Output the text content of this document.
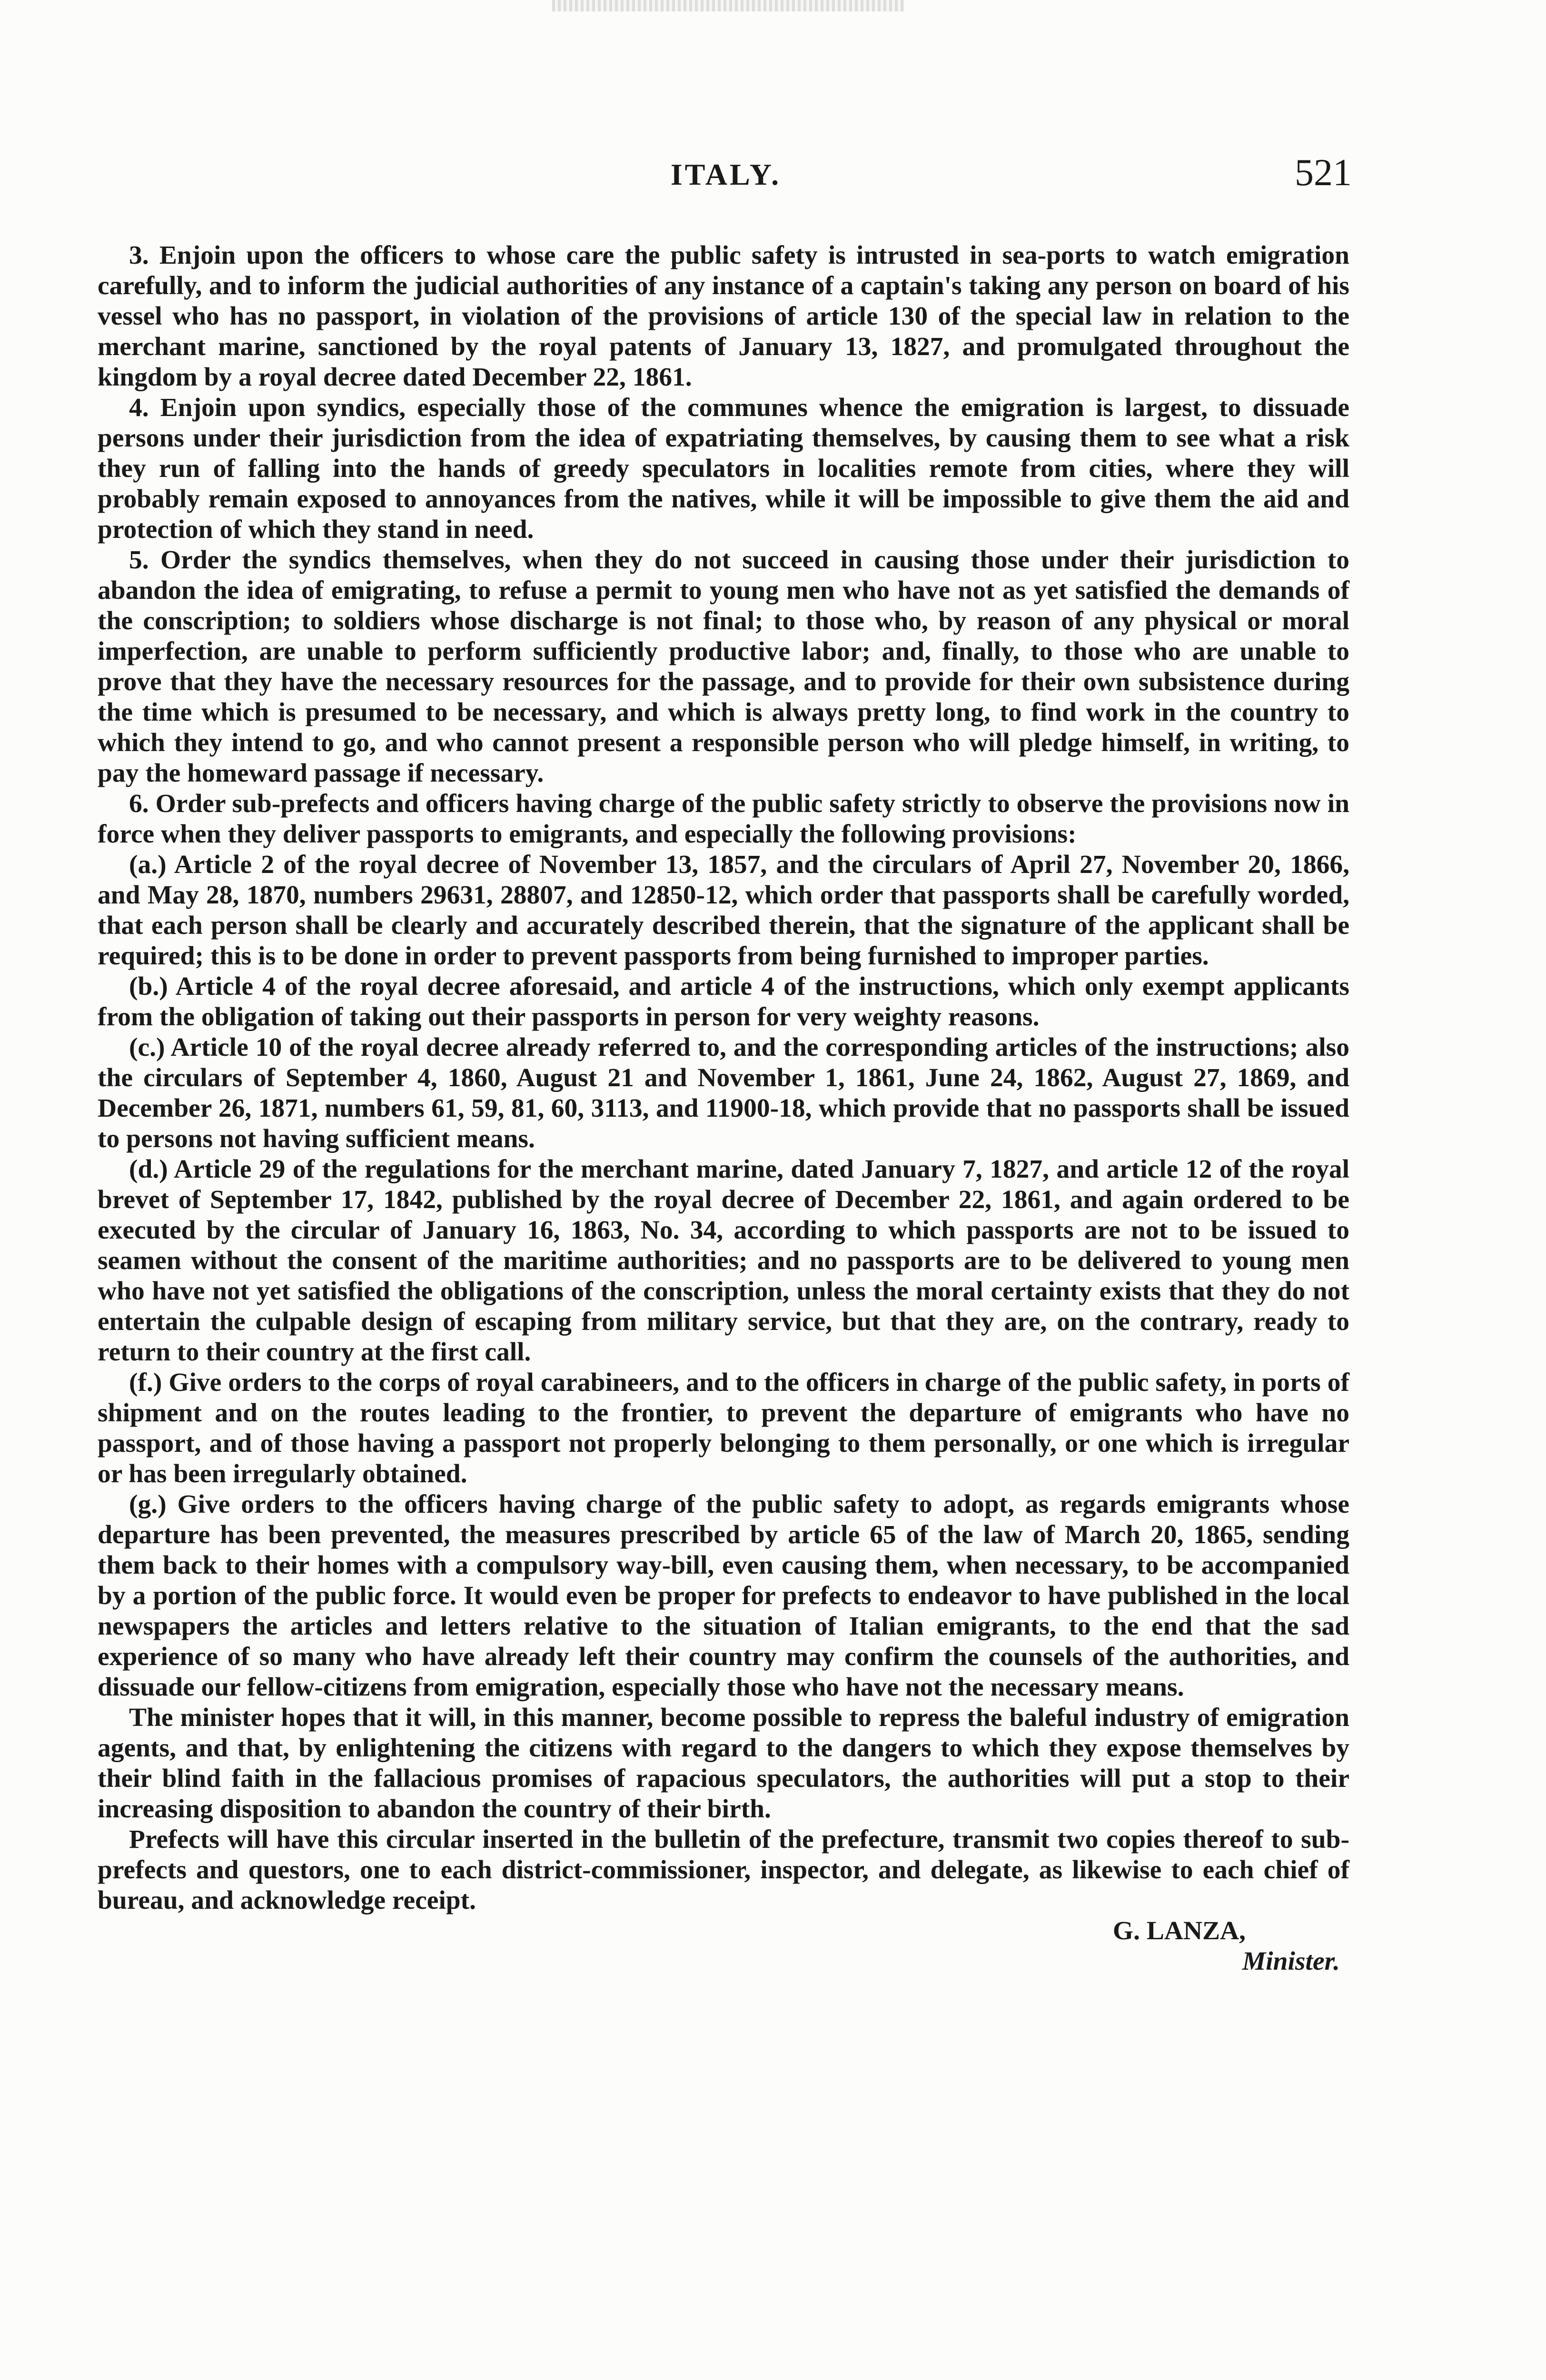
ITALY.	521

3. Enjoin upon the officers to whose care the public safety is intrusted in sea-ports to watch emigration carefully, and to inform the judicial authorities of any instance of a captain's taking any person on board of his vessel who has no passport, in violation of the provisions of article 130 of the special law in relation to the merchant marine, sanctioned by the royal patents of January 13, 1827, and promulgated throughout the kingdom by a royal decree dated December 22, 1861.

4. Enjoin upon syndics, especially those of the communes whence the emigration is largest, to dissuade persons under their jurisdiction from the idea of expatriating themselves, by causing them to see what a risk they run of falling into the hands of greedy speculators in localities remote from cities, where they will probably remain exposed to annoyances from the natives, while it will be impossible to give them the aid and protection of which they stand in need.

5. Order the syndics themselves, when they do not succeed in causing those under their jurisdiction to abandon the idea of emigrating, to refuse a permit to young men who have not as yet satisfied the demands of the conscription; to soldiers whose discharge is not final; to those who, by reason of any physical or moral imperfection, are unable to perform sufficiently productive labor; and, finally, to those who are unable to prove that they have the necessary resources for the passage, and to provide for their own subsistence during the time which is presumed to be necessary, and which is always pretty long, to find work in the country to which they intend to go, and who cannot present a responsible person who will pledge himself, in writing, to pay the homeward passage if necessary.

6. Order sub-prefects and officers having charge of the public safety strictly to observe the provisions now in force when they deliver passports to emigrants, and especially the following provisions:

(a.) Article 2 of the royal decree of November 13, 1857, and the circulars of April 27, November 20, 1866, and May 28, 1870, numbers 29631, 28807, and 12850-12, which order that passports shall be carefully worded, that each person shall be clearly and accurately described therein, that the signature of the applicant shall be required; this is to be done in order to prevent passports from being furnished to improper parties.

(b.) Article 4 of the royal decree aforesaid, and article 4 of the instructions, which only exempt applicants from the obligation of taking out their passports in person for very weighty reasons.

(c.) Article 10 of the royal decree already referred to, and the corresponding articles of the instructions; also the circulars of September 4, 1860, August 21 and November 1, 1861, June 24, 1862, August 27, 1869, and December 26, 1871, numbers 61, 59, 81, 60, 3113, and 11900-18, which provide that no passports shall be issued to persons not having sufficient means.

(d.) Article 29 of the regulations for the merchant marine, dated January 7, 1827, and article 12 of the royal brevet of September 17, 1842, published by the royal decree of December 22, 1861, and again ordered to be executed by the circular of January 16, 1863, No. 34, according to which passports are not to be issued to seamen without the consent of the maritime authorities; and no passports are to be delivered to young men who have not yet satisfied the obligations of the conscription, unless the moral certainty exists that they do not entertain the culpable design of escaping from military service, but that they are, on the contrary, ready to return to their country at the first call.

(f.) Give orders to the corps of royal carabineers, and to the officers in charge of the public safety, in ports of shipment and on the routes leading to the frontier, to prevent the departure of emigrants who have no passport, and of those having a passport not properly belonging to them personally, or one which is irregular or has been irregularly obtained.

(g.) Give orders to the officers having charge of the public safety to adopt, as regards emigrants whose departure has been prevented, the measures prescribed by article 65 of the law of March 20, 1865, sending them back to their homes with a compulsory way-bill, even causing them, when necessary, to be accompanied by a portion of the public force. It would even be proper for prefects to endeavor to have published in the local newspapers the articles and letters relative to the situation of Italian emigrants, to the end that the sad experience of so many who have already left their country may confirm the counsels of the authorities, and dissuade our fellow-citizens from emigration, especially those who have not the necessary means.

The minister hopes that it will, in this manner, become possible to repress the baleful industry of emigration agents, and that, by enlightening the citizens with regard to the dangers to which they expose themselves by their blind faith in the fallacious promises of rapacious speculators, the authorities will put a stop to their increasing disposition to abandon the country of their birth.

Prefects will have this circular inserted in the bulletin of the prefecture, transmit two copies thereof to sub-prefects and questors, one to each district-commissioner, inspector, and delegate, as likewise to each chief of bureau, and acknowledge receipt.

G. LANZA,
Minister.
